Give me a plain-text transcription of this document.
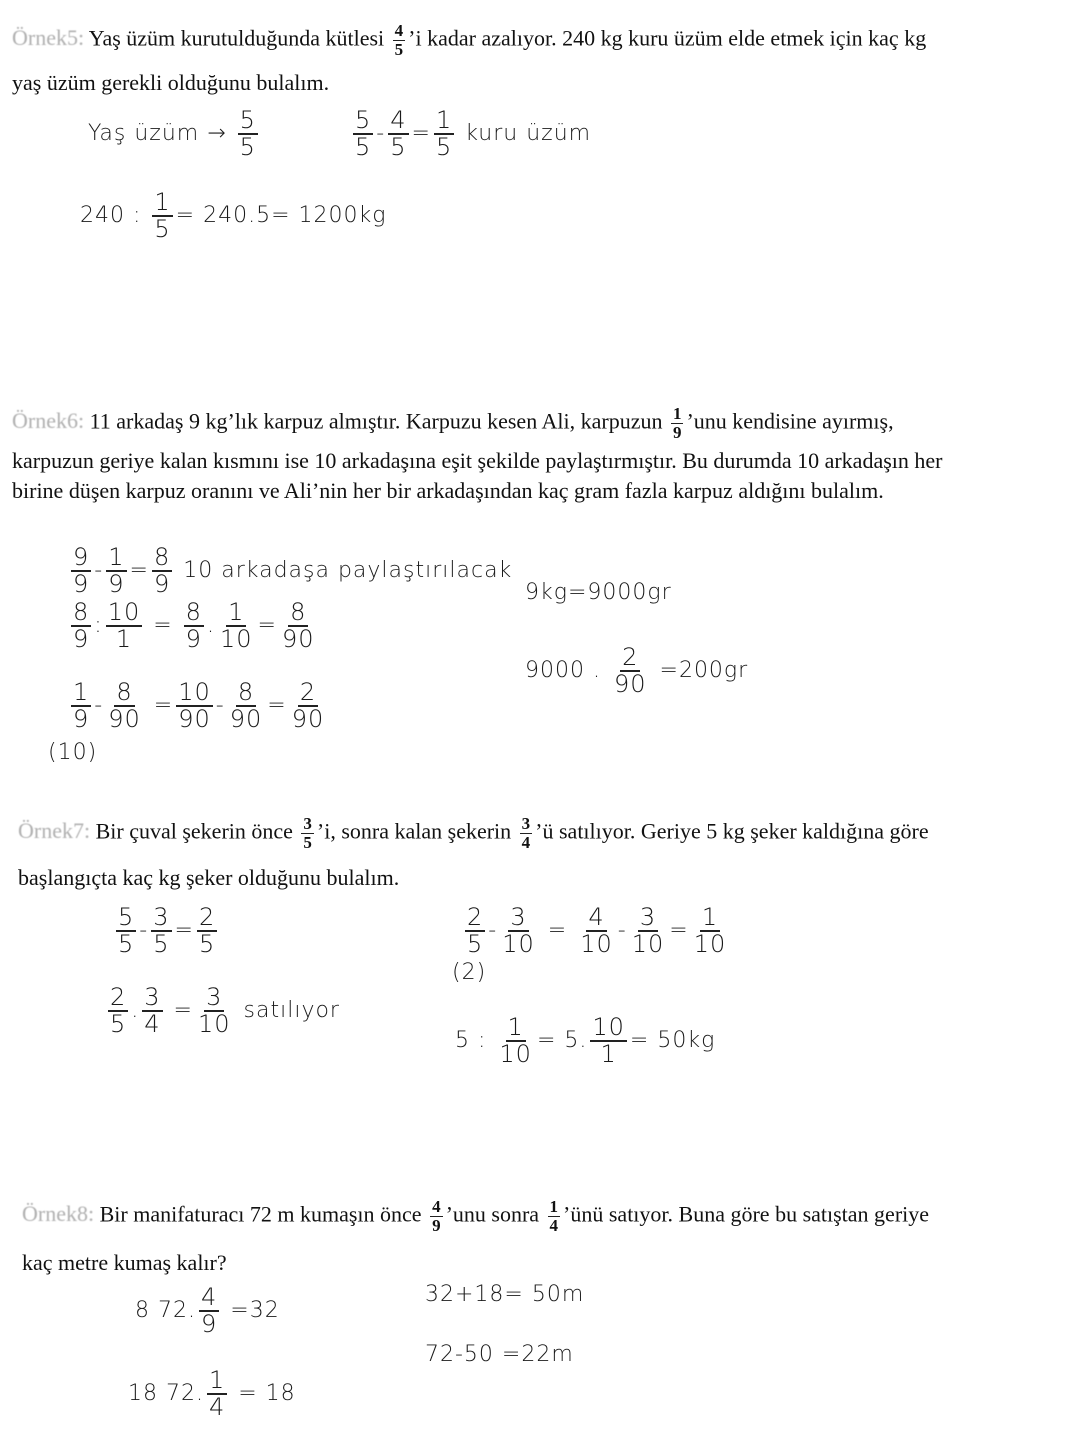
Örnek5: Yaş üzüm kurutulduğunda kütlesi $\frac{4}{5}$ ’i kadar azalıyor. 240 kg kuru üzüm elde etmek için kaç kg
yaş üzüm gerekli olduğunu bulalım.
Yaş üzüm → $\frac{5}{5}$	$\frac{5}{5} - \frac{4}{5} = \frac{1}{5}$ kuru üzüm
240 : $\frac{1}{5} = 240.5= 1200kg$
Örnek6: 11 arkadaş 9 kg’lık karpuz almıştır. Karpuzu kesen Ali, karpuzun $\frac{1}{9}$ ’unu kendisine ayırmış,
karpuzun geriye kalan kısmını ise 10 arkadaşına eşit şekilde paylaştırmıştır. Bu durumda 10 arkadaşın her
birine düşen karpuz oranını ve Ali’nin her bir arkadaşından kaç gram fazla karpuz aldığını bulalım.
$\frac{9}{9} - \frac{1}{9} = \frac{8}{9} 10$ arkadaşa paylaştırılacak
$\frac{8}{9}$ : $\frac{10}{1} = \frac{8}{9}$ . $\frac{1}{10} = \frac{8}{90}$
$\frac{1}{9} - \frac{8}{90} = \frac{10}{90} - \frac{8}{90} = \frac{2}{90}$
(10)
9kg=9000gr
9000 . $\frac{2}{90} =200gr$
Örnek7: Bir çuval şekerin önce $\frac{3}{5}$ ’i, sonra kalan şekerin $\frac{3}{4}$ ’ü satılıyor. Geriye 5 kg şeker kaldığına göre
başlangıçta kaç kg şeker olduğunu bulalım.
$\frac{5}{5} - \frac{3}{5} = \frac{2}{5}$	$\frac{2}{5} - \frac{3}{10} = \frac{4}{10} - \frac{3}{10} = \frac{1}{10}$
(2)
$\frac{2}{5}$ . $\frac{3}{4} = \frac{3}{10}$ satılıyor
5 : $\frac{1}{10} = 5$. $\frac{10}{1} = 50kg$
Örnek8: Bir manifaturacı 72 m kumaşın önce $\frac{4}{9}$ ’unu sonra $\frac{1}{4}$ ’ünü satıyor. Buna göre bu satıştan geriye
kaç metre kumaş kalır?
8 72. $\frac{4}{9} =32$
32+18= 50m
72-50 =22m
18 72. $\frac{1}{4} = 18$
